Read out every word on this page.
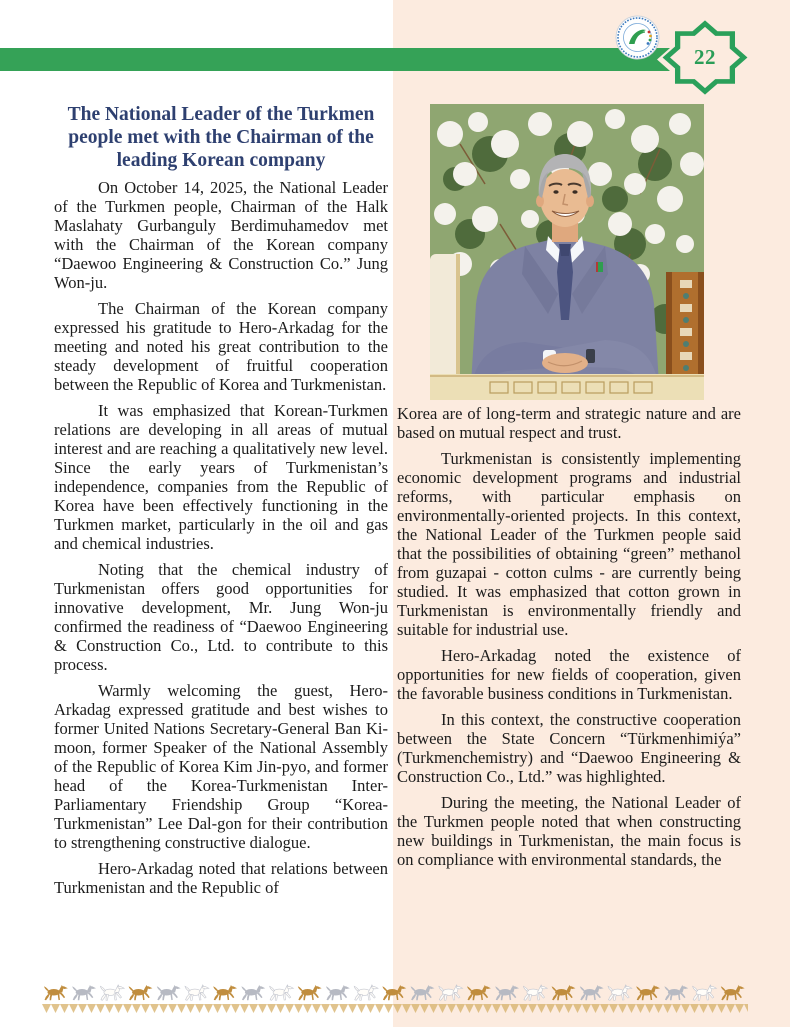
22
The National Leader of the Turkmen people met with the Chairman of the leading Korean company

On October 14, 2025, the National Leader of the Turkmen people, Chairman of the Halk Maslahaty Gurbanguly Berdimuhamedov met with the Chairman of the Korean company “Daewoo Engineering & Construction Co.” Jung Won-ju.

The Chairman of the Korean company expressed his gratitude to Hero-Arkadag for the meeting and noted his great contribution to the steady development of fruitful cooperation between the Republic of Korea and Turkmenistan.

It was emphasized that Korean-Turkmen relations are developing in all areas of mutual interest and are reaching a qualitatively new level. Since the early years of Turkmenistan’s independence, companies from the Republic of Korea have been effectively functioning in the Turkmen market, particularly in the oil and gas and chemical industries.

Noting that the chemical industry of Turkmenistan offers good opportunities for innovative development, Mr. Jung Won-ju confirmed the readiness of “Daewoo Engineering & Construction Co., Ltd. to contribute to this process.

Warmly welcoming the guest, Hero-Arkadag expressed gratitude and best wishes to former United Nations Secretary-General Ban Ki-moon, former Speaker of the National Assembly of the Republic of Korea Kim Jin-pyo, and former head of the Korea-Turkmenistan Inter-Parliamentary Friendship Group “Korea-Turkmenistan” Lee Dal-gon for their contribution to strengthening constructive dialogue.

Hero-Arkadag noted that relations between Turkmenistan and the Republic of

Korea are of long-term and strategic nature and are based on mutual respect and trust.

Turkmenistan is consistently implementing economic development programs and industrial reforms, with particular emphasis on environmentally-oriented projects. In this context, the National Leader of the Turkmen people said that the possibilities of obtaining “green” methanol from guzapai - cotton culms - are currently being studied. It was emphasized that cotton grown in Turkmenistan is environmentally friendly and suitable for industrial use.

Hero-Arkadag noted the existence of opportunities for new fields of cooperation, given the favorable business conditions in Turkmenistan.

In this context, the constructive cooperation between the State Concern “Türkmenhimiýa” (Turkmenchemistry) and “Daewoo Engineering & Construction Co., Ltd.” was highlighted.

During the meeting, the National Leader of the Turkmen people noted that when constructing new buildings in Turkmenistan, the main focus is on compliance with environmental standards, the
